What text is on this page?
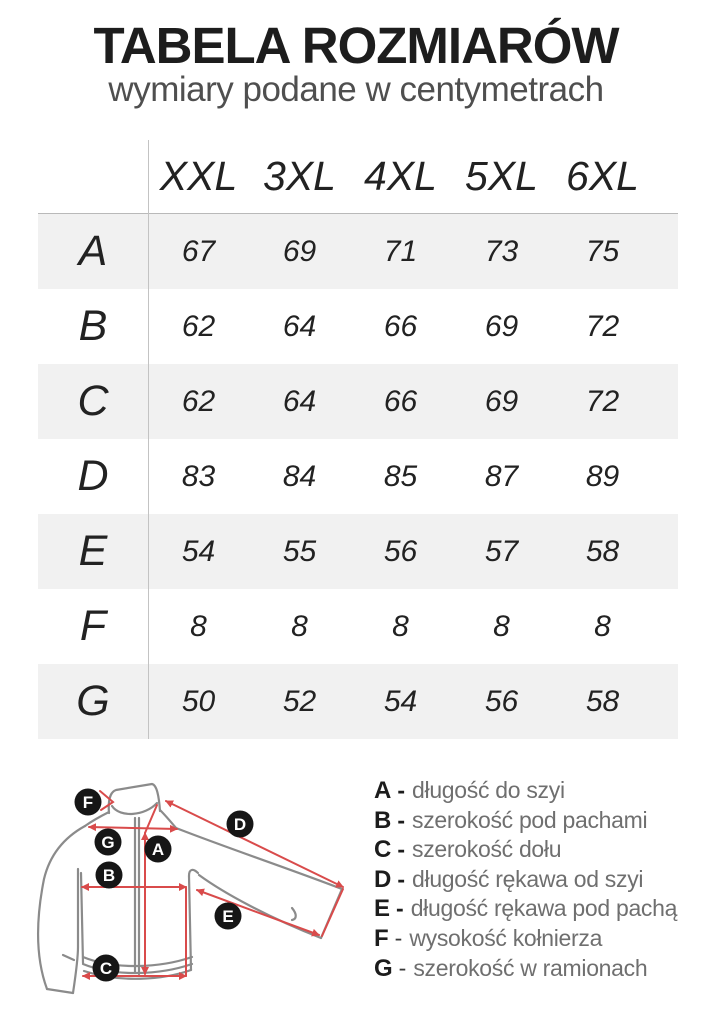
TABELA ROZMIARÓW
wymiary podane w centymetrach
XXL 3XL 4XL 5XL 6XL
A	67	69	71	73	75
B	62	64	66	69	72
C	62	64	66	69	72
D	83	84	85	87	89
E	54	55	56	57	58
F	8	8	8	8	8
G	50	52	54	56	58
F
G A
B
D
E
C
A - długość do szyi
B - szerokość pod pachami
C - szerokość dołu
D - długość rękawa od szyi
E - długość rękawa pod pachą
F - wysokość kołnierza
G - szerokość w ramionach
